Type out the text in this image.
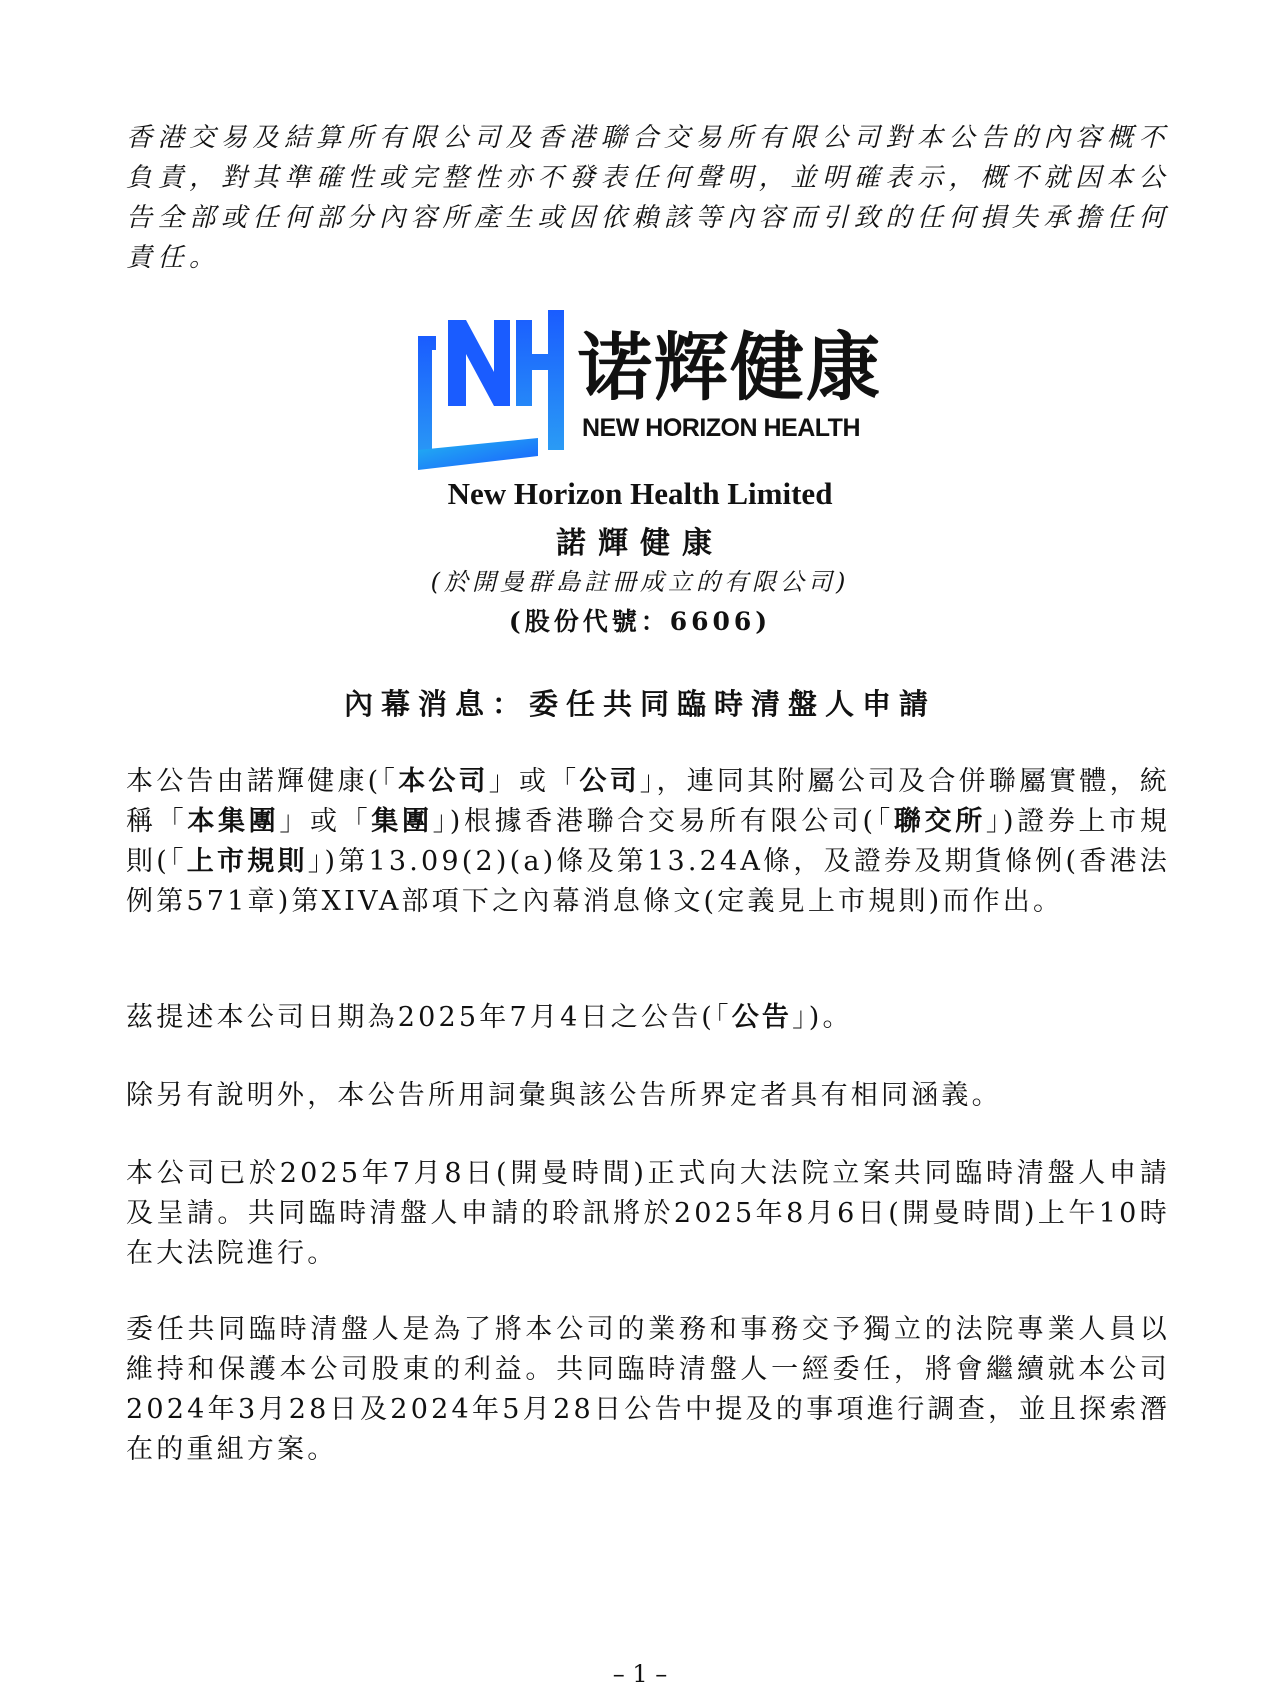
香港交易及結算所有限公司及香港聯合交易所有限公司對本公告的內容概不負責，對其準確性或完整性亦不發表任何聲明，並明確表示，概不就因本公告全部或任何部分內容所產生或因依賴該等內容而引致的任何損失承擔任何責任。
诺辉健康
NEW HORIZON HEALTH
New Horizon Health Limited
諾輝健康
(於開曼群島註冊成立的有限公司)
(股份代號：6606)
內幕消息：委任共同臨時清盤人申請
本公告由諾輝健康(「本公司」或「公司」，連同其附屬公司及合併聯屬實體，統稱「本集團」或「集團」)根據香港聯合交易所有限公司(「聯交所」)證券上市規則(「上市規則」)第13.09(2)(a)條及第13.24A條，及證券及期貨條例(香港法例第571章)第XIVA部項下之內幕消息條文(定義見上市規則)而作出。
茲提述本公司日期為2025年7月4日之公告(「公告」)。
除另有說明外，本公告所用詞彙與該公告所界定者具有相同涵義。
本公司已於2025年7月8日(開曼時間)正式向大法院立案共同臨時清盤人申請及呈請。共同臨時清盤人申請的聆訊將於2025年8月6日(開曼時間)上午10時在大法院進行。
委任共同臨時清盤人是為了將本公司的業務和事務交予獨立的法院專業人員以維持和保護本公司股東的利益。共同臨時清盤人一經委任，將會繼續就本公司2024年3月28日及2024年5月28日公告中提及的事項進行調查，並且探索潛在的重組方案。
– 1 –
